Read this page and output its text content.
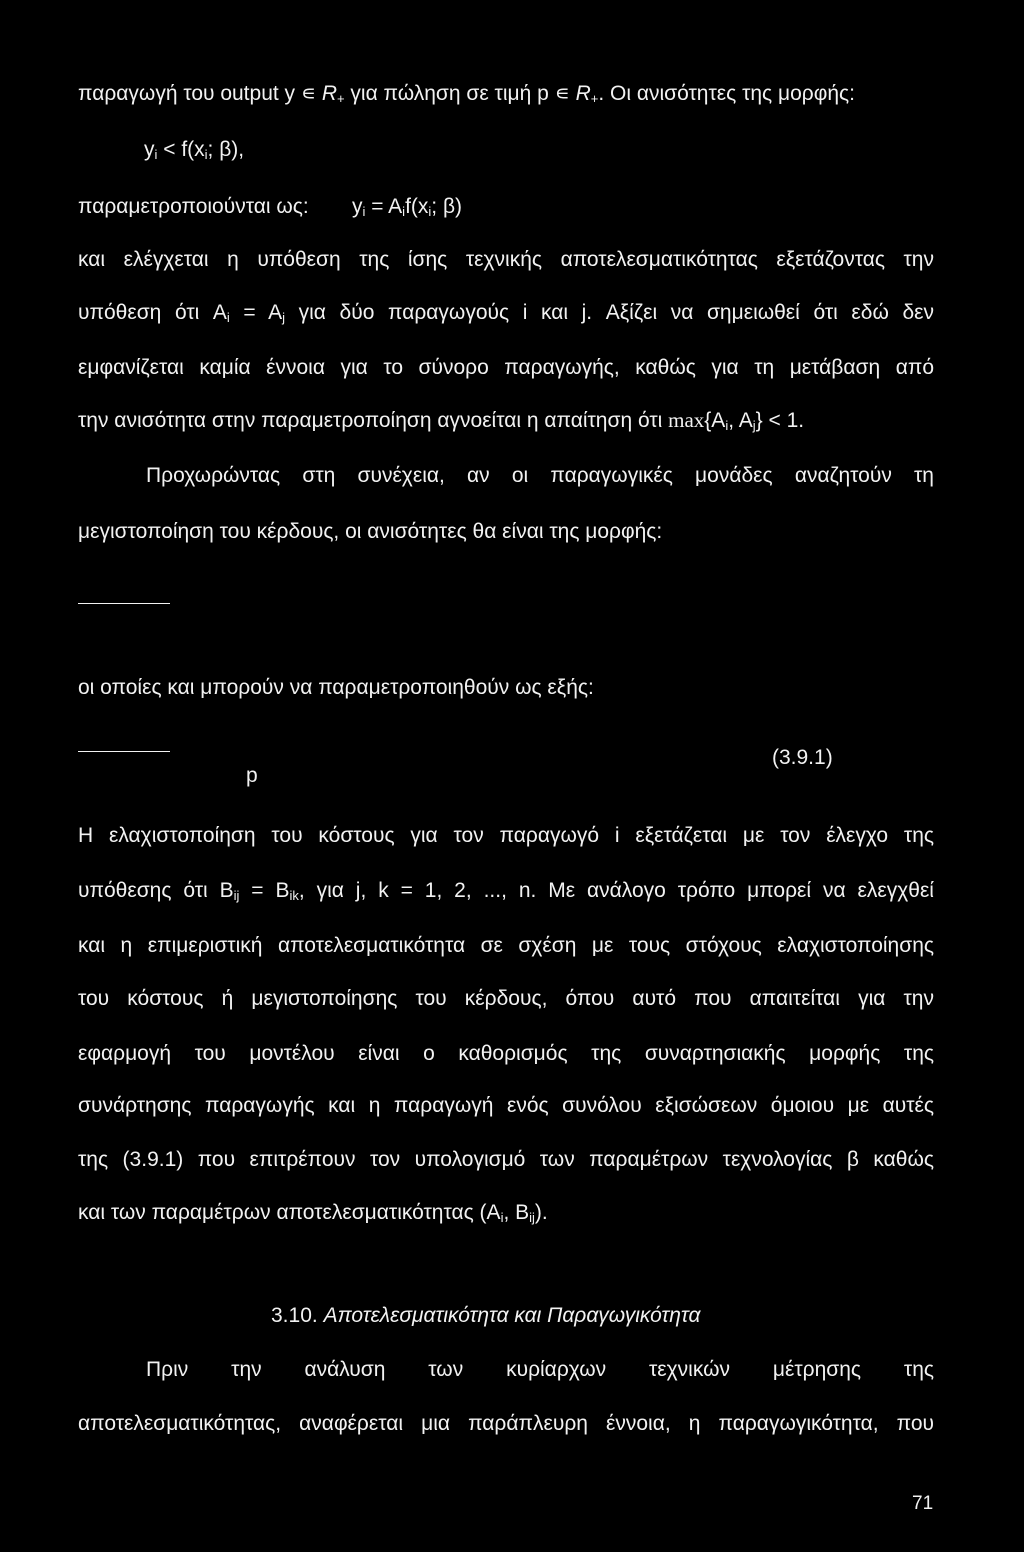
παραγωγή του output y ∊ $R_+$ για πώληση σε τιμή p ∊ $R_+$. Οι ανισότητες της μορφής:
$y_i < f(x_i$; β),
παραμετροποιούνται ως: $y_i = A_if(x_i$; β)
και ελέγχεται η υπόθεση της ίσης τεχνικής αποτελεσματικότητας εξετάζοντας την
υπόθεση ότι $A_i = A_j$ για δύο παραγωγούς i και j. Αξίζει να σημειωθεί ότι εδώ δεν
εμφανίζεται καμία έννοια για το σύνορο παραγωγής, καθώς για τη μετάβαση από
την ανισότητα στην παραμετροποίηση αγνοείται η απαίτηση ότι $\max\{A_i$, $A_j\} < 1$.
Προχωρώντας στη συνέχεια, αν οι παραγωγικές μονάδες αναζητούν τη
μεγιστοποίηση του κέρδους, οι ανισότητες θα είναι της μορφής:
οι οποίες και μπορούν να παραμετροποιηθούν ως εξής:
p
(3.9.1)
Η ελαχιστοποίηση του κόστους για τον παραγωγό i εξετάζεται με τον έλεγχο της
υπόθεσης ότι $B_{ij} = B_{ik}$, για j, k = 1, 2, ..., n. Με ανάλογο τρόπο μπορεί να ελεγχθεί
και η επιμεριστική αποτελεσματικότητα σε σχέση με τους στόχους ελαχιστοποίησης
του κόστους ή μεγιστοποίησης του κέρδους, όπου αυτό που απαιτείται για την
εφαρμογή του μοντέλου είναι ο καθορισμός της συναρτησιακής μορφής της
συνάρτησης παραγωγής και η παραγωγή ενός συνόλου εξισώσεων όμοιου με αυτές
της (3.9.1) που επιτρέπουν τον υπολογισμό των παραμέτρων τεχνολογίας β καθώς
και των παραμέτρων αποτελεσματικότητας ($A_i$, $B_{ij}$).
3.10. Αποτελεσματικότητα και Παραγωγικότητα
Πριν την ανάλυση των κυρίαρχων τεχνικών μέτρησης της
αποτελεσματικότητας, αναφέρεται μια παράπλευρη έννοια, η παραγωγικότητα, που
71
